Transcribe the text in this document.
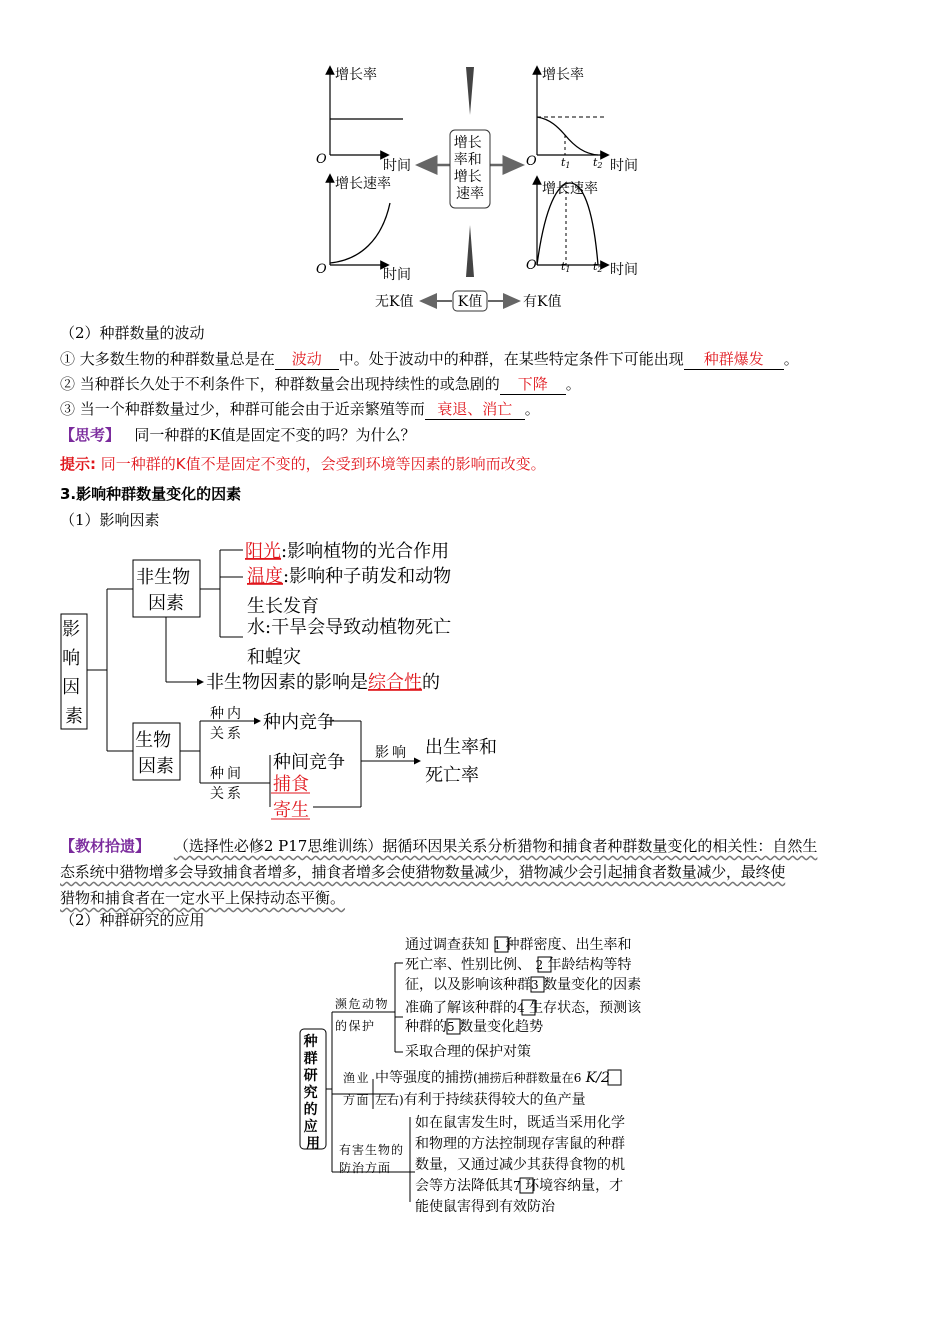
增长率
O	时间
增长速率
O	时间
增长率
O t1 t2 时间
增长速率
O t1 t2 时间
增长 率和 增长 速率
K值
无K值	有K值
（2）种群数量的波动
① 大多数生物的种群数量总是在 波动 中。处于波动中的种群，在某些特定条件下可能出现 种群爆发 。
② 当种群长久处于不利条件下，种群数量会出现持续性的或急剧的 下降 。
③ 当一个种群数量过少，种群可能会由于近亲繁殖等而 衰退、消亡 。
【思考】 同一种群的K值是固定不变的吗？为什么？
提示: 同一种群的K值不是固定不变的，会受到环境等因素的影响而改变。
3.影响种群数量变化的因素
（1）影响因素
影 响 因 素
非生物 因素
阳光:影响植物的光合作用
温度:影响种子萌发和动物
生长发育
水:干旱会导致动植物死亡
和蝗灾
非生物因素的影响是综合性的
生物 因素
种内 关系
种内竞争
种间 关系
种间竞争
捕食
寄生
影响 出生率和 死亡率
【教材拾遗】 （选择性必修2 P17思维训练）据循环因果关系分析猎物和捕食者种群数量变化的相关性：自然生
态系统中猎物增多会导致捕食者增多，捕食者增多会使猎物数量减少，猎物减少会引起捕食者数量减少，最终使
猎物和捕食者在一定水平上保持动态平衡。
（2）种群研究的应用
种 群 研 究 的 应 用
濒危动物 的保护
通过调查获知 1 种群密度、出生率和
死亡率、性别比例、 2 年龄结构等特
征，以及影响该种群3 数量变化的因素
准确了解该种群的4 生存状态，预测该
种群的5 数量变化趋势
采取合理的保护对策
渔业 方面
中等强度的捕捞(捕捞后种群数量在6 K/2
左右)有利于持续获得较大的鱼产量
有害生物的 防治方面
如在鼠害发生时，既适当采用化学
和物理的方法控制现存害鼠的种群
数量，又通过减少其获得食物的机
会等方法降低其7 环境容纳量，才
能使鼠害得到有效防治
